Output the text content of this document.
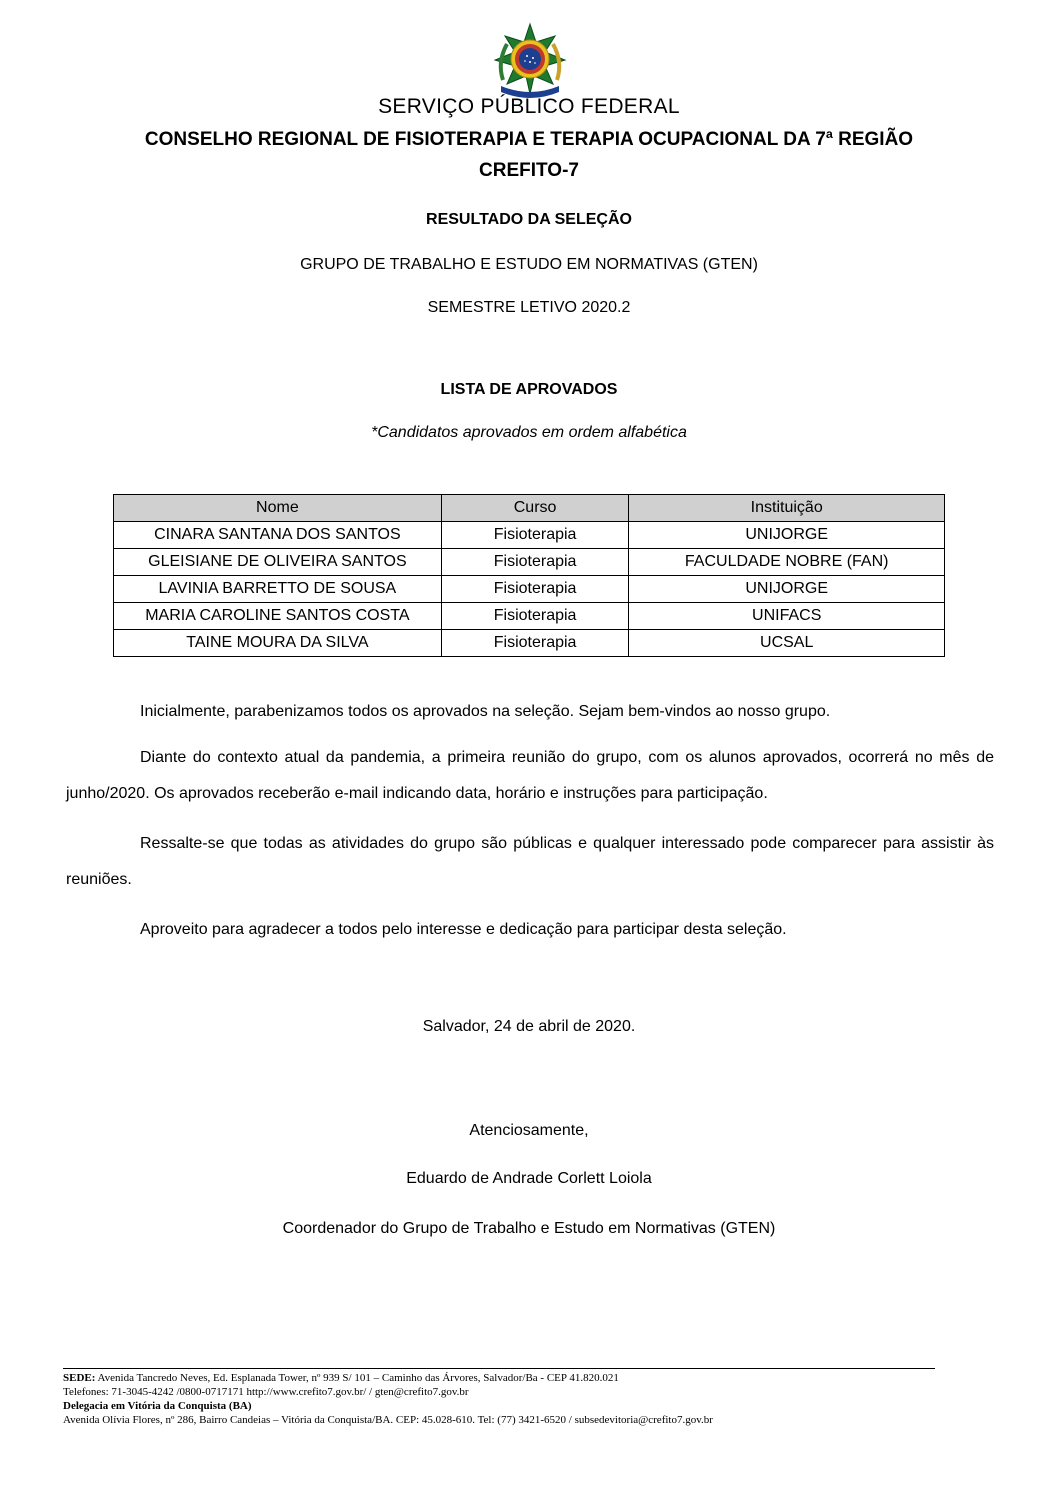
SERVIÇO PÚBLICO FEDERAL
CONSELHO REGIONAL DE FISIOTERAPIA E TERAPIA OCUPACIONAL DA 7ª REGIÃO
CREFITO-7
RESULTADO DA SELEÇÃO
GRUPO DE TRABALHO E ESTUDO EM NORMATIVAS (GTEN)
SEMESTRE LETIVO 2020.2
LISTA DE APROVADOS
*Candidatos aprovados em ordem alfabética
Nome	Curso	Instituição
CINARA SANTANA DOS SANTOS	Fisioterapia	UNIJORGE
GLEISIANE DE OLIVEIRA SANTOS	Fisioterapia	FACULDADE NOBRE (FAN)
LAVINIA BARRETTO DE SOUSA	Fisioterapia	UNIJORGE
MARIA CAROLINE SANTOS COSTA	Fisioterapia	UNIFACS
TAINE MOURA DA SILVA	Fisioterapia	UCSAL

Inicialmente, parabenizamos todos os aprovados na seleção. Sejam bem-vindos ao nosso grupo.

Diante do contexto atual da pandemia, a primeira reunião do grupo, com os alunos aprovados, ocorrerá no mês de junho/2020. Os aprovados receberão e-mail indicando data, horário e instruções para participação.

Ressalte-se que todas as atividades do grupo são públicas e qualquer interessado pode comparecer para assistir às reuniões.

Aproveito para agradecer a todos pelo interesse e dedicação para participar desta seleção.

Salvador, 24 de abril de 2020.
Atenciosamente,
Eduardo de Andrade Corlett Loiola
Coordenador do Grupo de Trabalho e Estudo em Normativas (GTEN)
SEDE: Avenida Tancredo Neves, Ed. Esplanada Tower, nº 939 S/ 101 – Caminho das Árvores, Salvador/Ba - CEP 41.820.021
Telefones: 71-3045-4242 /0800-0717171 http://www.crefito7.gov.br/ / gten@crefito7.gov.br
Delegacia em Vitória da Conquista (BA)
Avenida Olívia Flores, nº 286, Bairro Candeias – Vitória da Conquista/BA. CEP: 45.028-610. Tel: (77) 3421-6520 / subsedevitoria@crefito7.gov.br
